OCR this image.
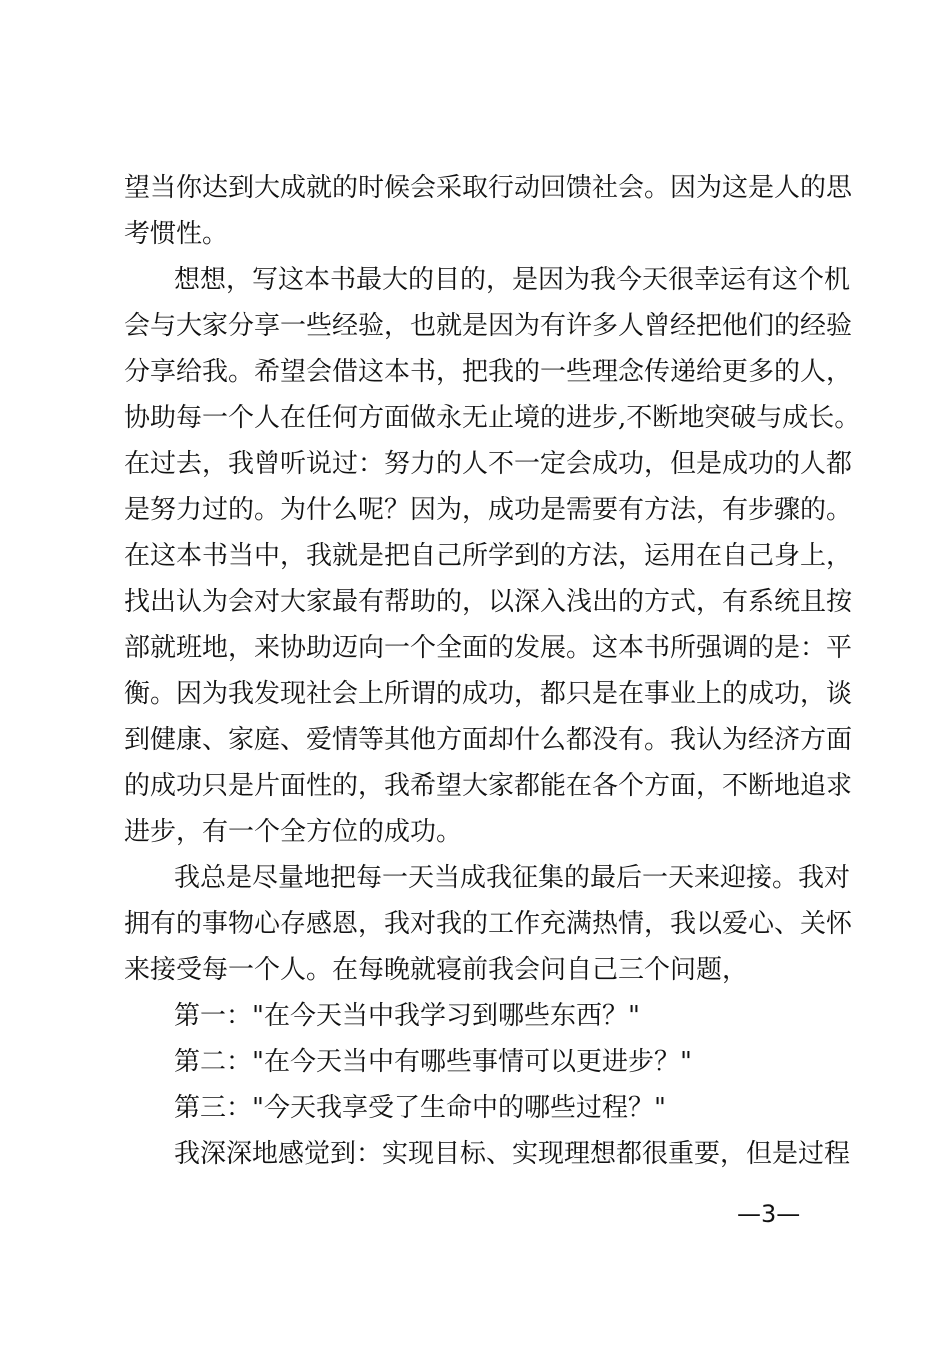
望当你达到大成就的时候会采取行动回馈社会。因为这是人的思
考惯性。
想想，写这本书最大的目的，是因为我今天很幸运有这个机
会与大家分享一些经验，也就是因为有许多人曾经把他们的经验
分享给我。希望会借这本书，把我的一些理念传递给更多的人，
协助每一个人在任何方面做永无止境的进步,不断地突破与成长。
在过去，我曾听说过：努力的人不一定会成功，但是成功的人都
是努力过的。为什么呢？因为，成功是需要有方法，有步骤的。
在这本书当中，我就是把自己所学到的方法，运用在自己身上，
找出认为会对大家最有帮助的，以深入浅出的方式，有系统且按
部就班地，来协助迈向一个全面的发展。这本书所强调的是：平
衡。因为我发现社会上所谓的成功，都只是在事业上的成功，谈
到健康、家庭、爱情等其他方面却什么都没有。我认为经济方面
的成功只是片面性的，我希望大家都能在各个方面，不断地追求
进步，有一个全方位的成功。
我总是尽量地把每一天当成我征集的最后一天来迎接。我对
拥有的事物心存感恩，我对我的工作充满热情，我以爱心、关怀
来接受每一个人。在每晚就寝前我会问自己三个问题，
第一："在今天当中我学习到哪些东西？"
第二："在今天当中有哪些事情可以更进步？"
第三："今天我享受了生命中的哪些过程？"
我深深地感觉到：实现目标、实现理想都很重要，但是过程
—3—
